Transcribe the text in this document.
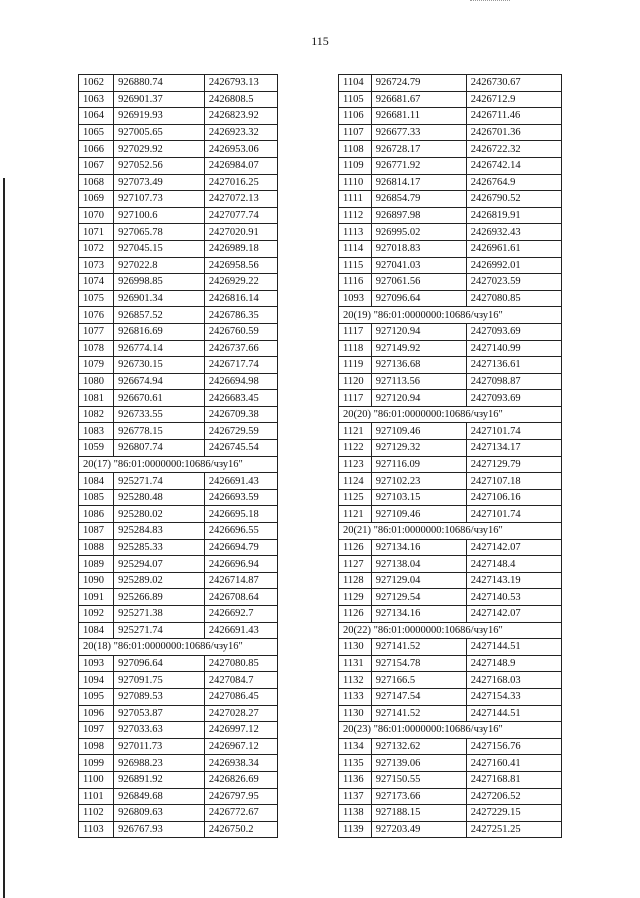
115
1062	926880.74	2426793.13
1063	926901.37	2426808.5
1064	926919.93	2426823.92
1065	927005.65	2426923.32
1066	927029.92	2426953.06
1067	927052.56	2426984.07
1068	927073.49	2427016.25
1069	927107.73	2427072.13
1070	927100.6	2427077.74
1071	927065.78	2427020.91
1072	927045.15	2426989.18
1073	927022.8	2426958.56
1074	926998.85	2426929.22
1075	926901.34	2426816.14
1076	926857.52	2426786.35
1077	926816.69	2426760.59
1078	926774.14	2426737.66
1079	926730.15	2426717.74
1080	926674.94	2426694.98
1081	926670.61	2426683.45
1082	926733.55	2426709.38
1083	926778.15	2426729.59
1059	926807.74	2426745.54
20(17) "86:01:0000000:10686/чзу16"		
1084	925271.74	2426691.43
1085	925280.48	2426693.59
1086	925280.02	2426695.18
1087	925284.83	2426696.55
1088	925285.33	2426694.79
1089	925294.07	2426696.94
1090	925289.02	2426714.87
1091	925266.89	2426708.64
1092	925271.38	2426692.7
1084	925271.74	2426691.43
20(18) "86:01:0000000:10686/чзу16"		
1093	927096.64	2427080.85
1094	927091.75	2427084.7
1095	927089.53	2427086.45
1096	927053.87	2427028.27
1097	927033.63	2426997.12
1098	927011.73	2426967.12
1099	926988.23	2426938.34
1100	926891.92	2426826.69
1101	926849.68	2426797.95
1102	926809.63	2426772.67
1103	926767.93	2426750.2
1104	926724.79	2426730.67
1105	926681.67	2426712.9
1106	926681.11	2426711.46
1107	926677.33	2426701.36
1108	926728.17	2426722.32
1109	926771.92	2426742.14
1110	926814.17	2426764.9
1111	926854.79	2426790.52
1112	926897.98	2426819.91
1113	926995.02	2426932.43
1114	927018.83	2426961.61
1115	927041.03	2426992.01
1116	927061.56	2427023.59
1093	927096.64	2427080.85
20(19) "86:01:0000000:10686/чзу16"		
1117	927120.94	2427093.69
1118	927149.92	2427140.99
1119	927136.68	2427136.61
1120	927113.56	2427098.87
1117	927120.94	2427093.69
20(20) "86:01:0000000:10686/чзу16"		
1121	927109.46	2427101.74
1122	927129.32	2427134.17
1123	927116.09	2427129.79
1124	927102.23	2427107.18
1125	927103.15	2427106.16
1121	927109.46	2427101.74
20(21) "86:01:0000000:10686/чзу16"		
1126	927134.16	2427142.07
1127	927138.04	2427148.4
1128	927129.04	2427143.19
1129	927129.54	2427140.53
1126	927134.16	2427142.07
20(22) "86:01:0000000:10686/чзу16"		
1130	927141.52	2427144.51
1131	927154.78	2427148.9
1132	927166.5	2427168.03
1133	927147.54	2427154.33
1130	927141.52	2427144.51
20(23) "86:01:0000000:10686/чзу16"		
1134	927132.62	2427156.76
1135	927139.06	2427160.41
1136	927150.55	2427168.81
1137	927173.66	2427206.52
1138	927188.15	2427229.15
1139	927203.49	2427251.25
